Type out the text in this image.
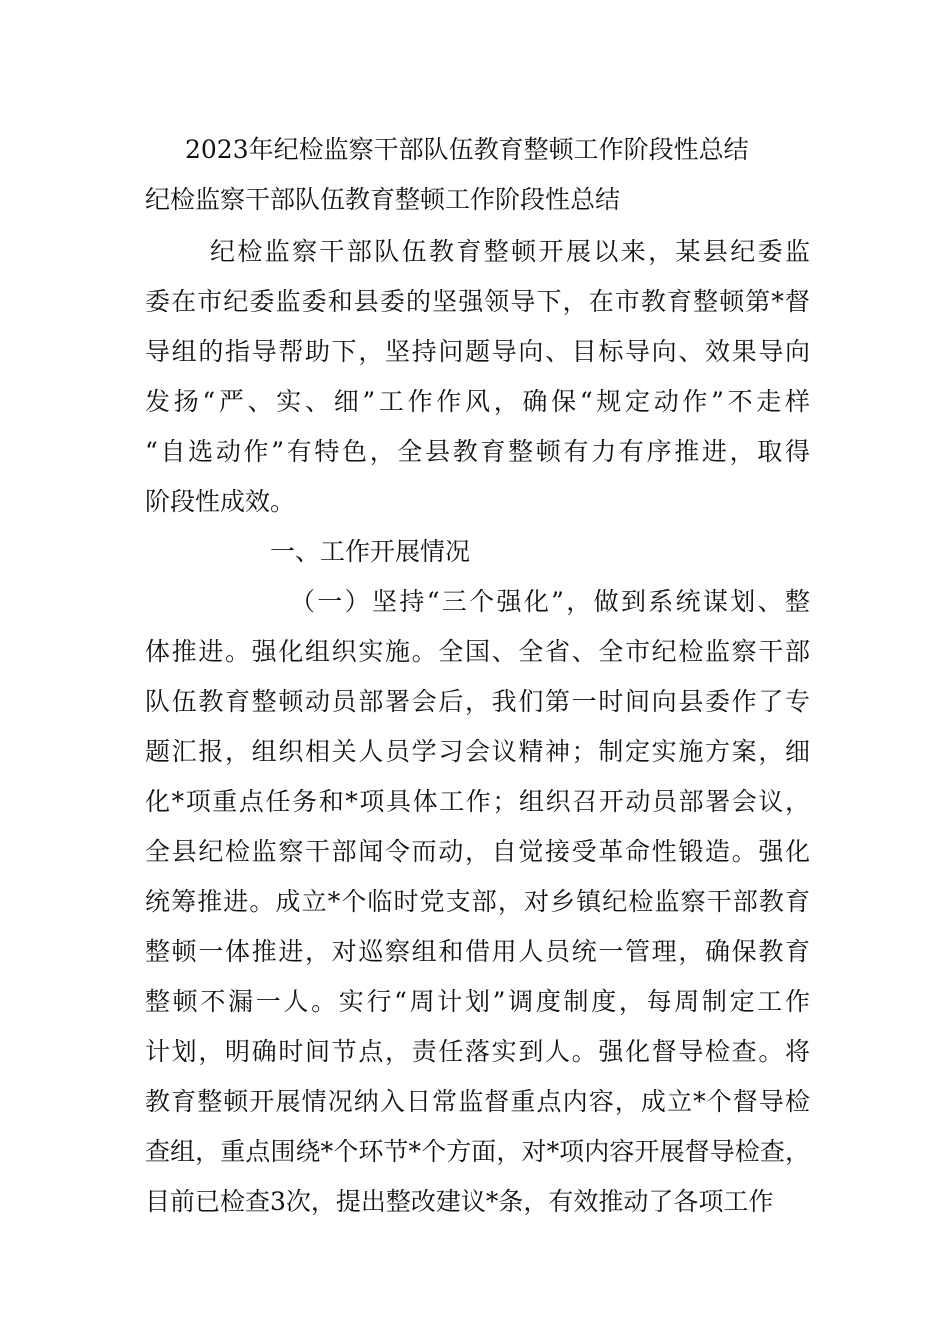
2023年纪检监察干部队伍教育整顿工作阶段性总结
纪检监察干部队伍教育整顿工作阶段性总结
纪检监察干部队伍教育整顿开展以来，某县纪委监
委在市纪委监委和县委的坚强领导下，在市教育整顿第*督
导组的指导帮助下，坚持问题导向、目标导向、效果导向
发扬“严、实、细”工作作风，确保“规定动作”不走样
“自选动作”有特色，全县教育整顿有力有序推进，取得
阶段性成效。
一、工作开展情况
（一）坚持“三个强化”，做到系统谋划、整
体推进。强化组织实施。全国、全省、全市纪检监察干部
队伍教育整顿动员部署会后，我们第一时间向县委作了专
题汇报，组织相关人员学习会议精神；制定实施方案，细
化*项重点任务和*项具体工作；组织召开动员部署会议，
全县纪检监察干部闻令而动，自觉接受革命性锻造。强化
统筹推进。成立*个临时党支部，对乡镇纪检监察干部教育
整顿一体推进，对巡察组和借用人员统一管理，确保教育
整顿不漏一人。实行“周计划”调度制度，每周制定工作
计划，明确时间节点，责任落实到人。强化督导检查。将
教育整顿开展情况纳入日常监督重点内容，成立*个督导检
查组，重点围绕*个环节*个方面，对*项内容开展督导检查，
目前已检查3次，提出整改建议*条，有效推动了各项工作
